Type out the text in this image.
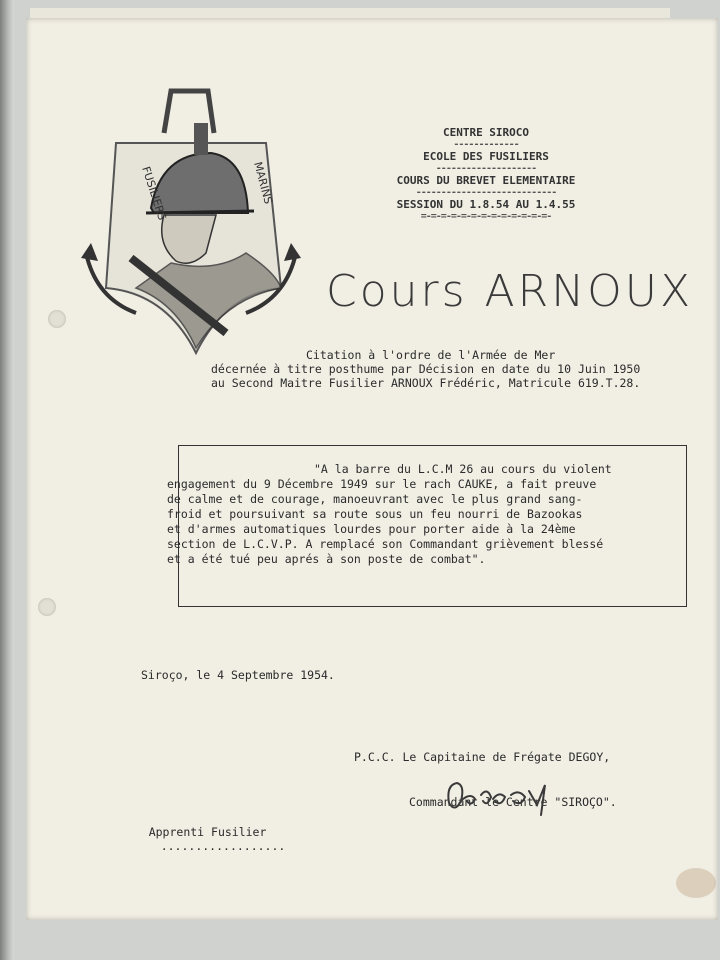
FUSILIERS	MARINS
CENTRE SIROCO
-------------
ECOLE DES FUSILIERS
--------------------
COURS DU BREVET ELEMENTAIRE
----------------------------
SESSION DU 1.8.54 AU 1.4.55
=-=-=-=-=-=-=-=-=-=-=-=-=-
Cours ARNOUX
Citation à l'ordre de l'Armée de Mer
décernée à titre posthume par Décision en date du 10 Juin 1950
au Second Maitre Fusilier ARNOUX Frédéric, Matricule 619.T.28.
"A la barre du L.C.M 26 au cours du violent
engagement du 9 Décembre 1949 sur le rach CAUKE, a fait preuve
de calme et de courage, manoeuvrant avec le plus grand sang-
froid et poursuivant sa route sous un feu nourri de Bazookas
et d'armes automatiques lourdes pour porter aide à la 24ème
section de L.C.V.P. A remplacé son Commandant grièvement blessé
et a été tué peu aprés à son poste de combat".
Siroço, le 4 Septembre 1954.

P.C.C. Le Capitaine de Frégate DEGOY,

Commandant le Centre "SIROÇO".

Apprenti Fusilier
..................
